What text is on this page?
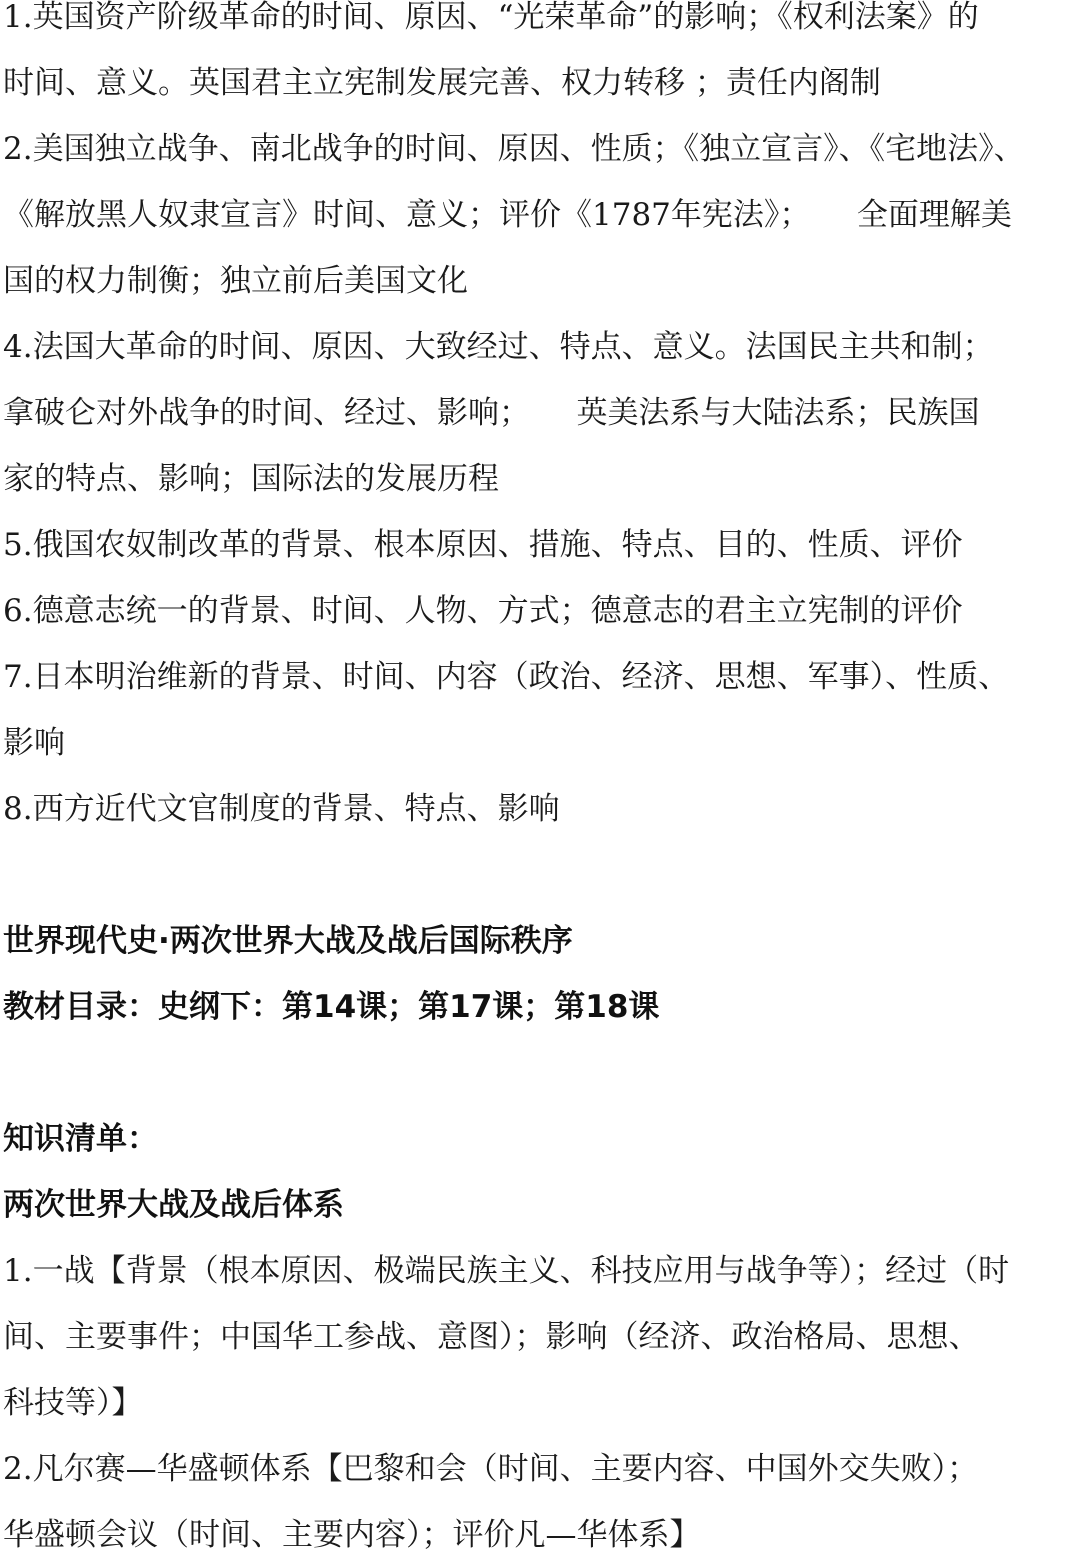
1.英国资产阶级革命的时间、原因、“光荣革命”的影响；《权利法案》的
时间、意义。英国君主立宪制发展完善、权力转移 ；责任内阁制
2.美国独立战争、南北战争的时间、原因、性质；《独立宣言》、《宅地法》、
《解放黑人奴隶宣言》时间、意义；评价《1787年宪法》；　　全面理解美
国的权力制衡；独立前后美国文化
4.法国大革命的时间、原因、大致经过、特点、意义。法国民主共和制；
拿破仑对外战争的时间、经过、影响；　　英美法系与大陆法系；民族国
家的特点、影响；国际法的发展历程
5.俄国农奴制改革的背景、根本原因、措施、特点、目的、性质、评价
6.德意志统一的背景、时间、人物、方式；德意志的君主立宪制的评价
7.日本明治维新的背景、时间、内容（政治、经济、思想、军事）、性质、
影响
8.西方近代文官制度的背景、特点、影响
世界现代史·两次世界大战及战后国际秩序
教材目录：史纲下：第14课；第17课；第18课

知识清单：
两次世界大战及战后体系
1.一战【背景（根本原因、极端民族主义、科技应用与战争等）；经过（时
间、主要事件；中国华工参战、意图）；影响（经济、政治格局、思想、
科技等）】
2.凡尔赛—华盛顿体系【巴黎和会（时间、主要内容、中国外交失败）；
华盛顿会议（时间、主要内容）；评价凡—华体系】
